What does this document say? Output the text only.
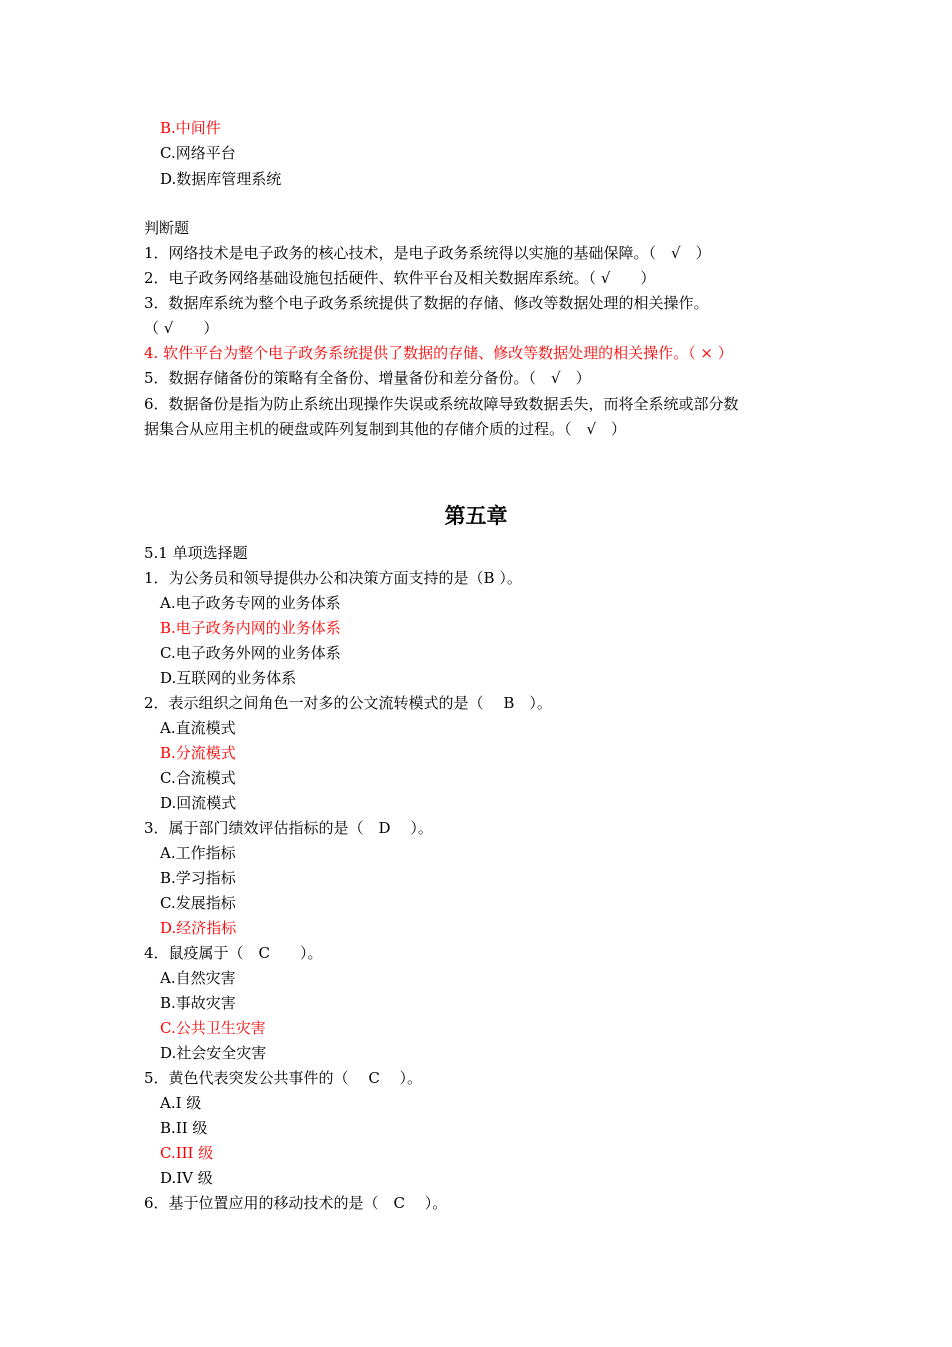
B.中间件
C.网络平台
D.数据库管理系统
判断题
1．网络技术是电子政务的核心技术，是电子政务系统得以实施的基础保障。（　√　）
2．电子政务网络基础设施包括硬件、软件平台及相关数据库系统。（ √　　）
3．数据库系统为整个电子政务系统提供了数据的存储、修改等数据处理的相关操作。
（ √　　）
4. 软件平台为整个电子政务系统提供了数据的存储、修改等数据处理的相关操作。（ × ）
5．数据存储备份的策略有全备份、增量备份和差分备份。（　√　）
6．数据备份是指为防止系统出现操作失误或系统故障导致数据丢失，而将全系统或部分数
据集合从应用主机的硬盘或阵列复制到其他的存储介质的过程。（　√　）
第五章
5.1 单项选择题
1．为公务员和领导提供办公和决策方面支持的是（B ）。
A.电子政务专网的业务体系
B.电子政务内网的业务体系
C.电子政务外网的业务体系
D.互联网的业务体系
2．表示组织之间角色一对多的公文流转模式的是（　 B　）。
A.直流模式
B.分流模式
C.合流模式
D.回流模式
3．属于部门绩效评估指标的是（　D　 ）。
A.工作指标
B.学习指标
C.发展指标
D.经济指标
4．鼠疫属于（　C　　）。
A.自然灾害
B.事故灾害
C.公共卫生灾害
D.社会安全灾害
5．黄色代表突发公共事件的（　 C　 ）。
A.I 级
B.II 级
C.III 级
D.IV 级
6．基于位置应用的移动技术的是（　C　 ）。
